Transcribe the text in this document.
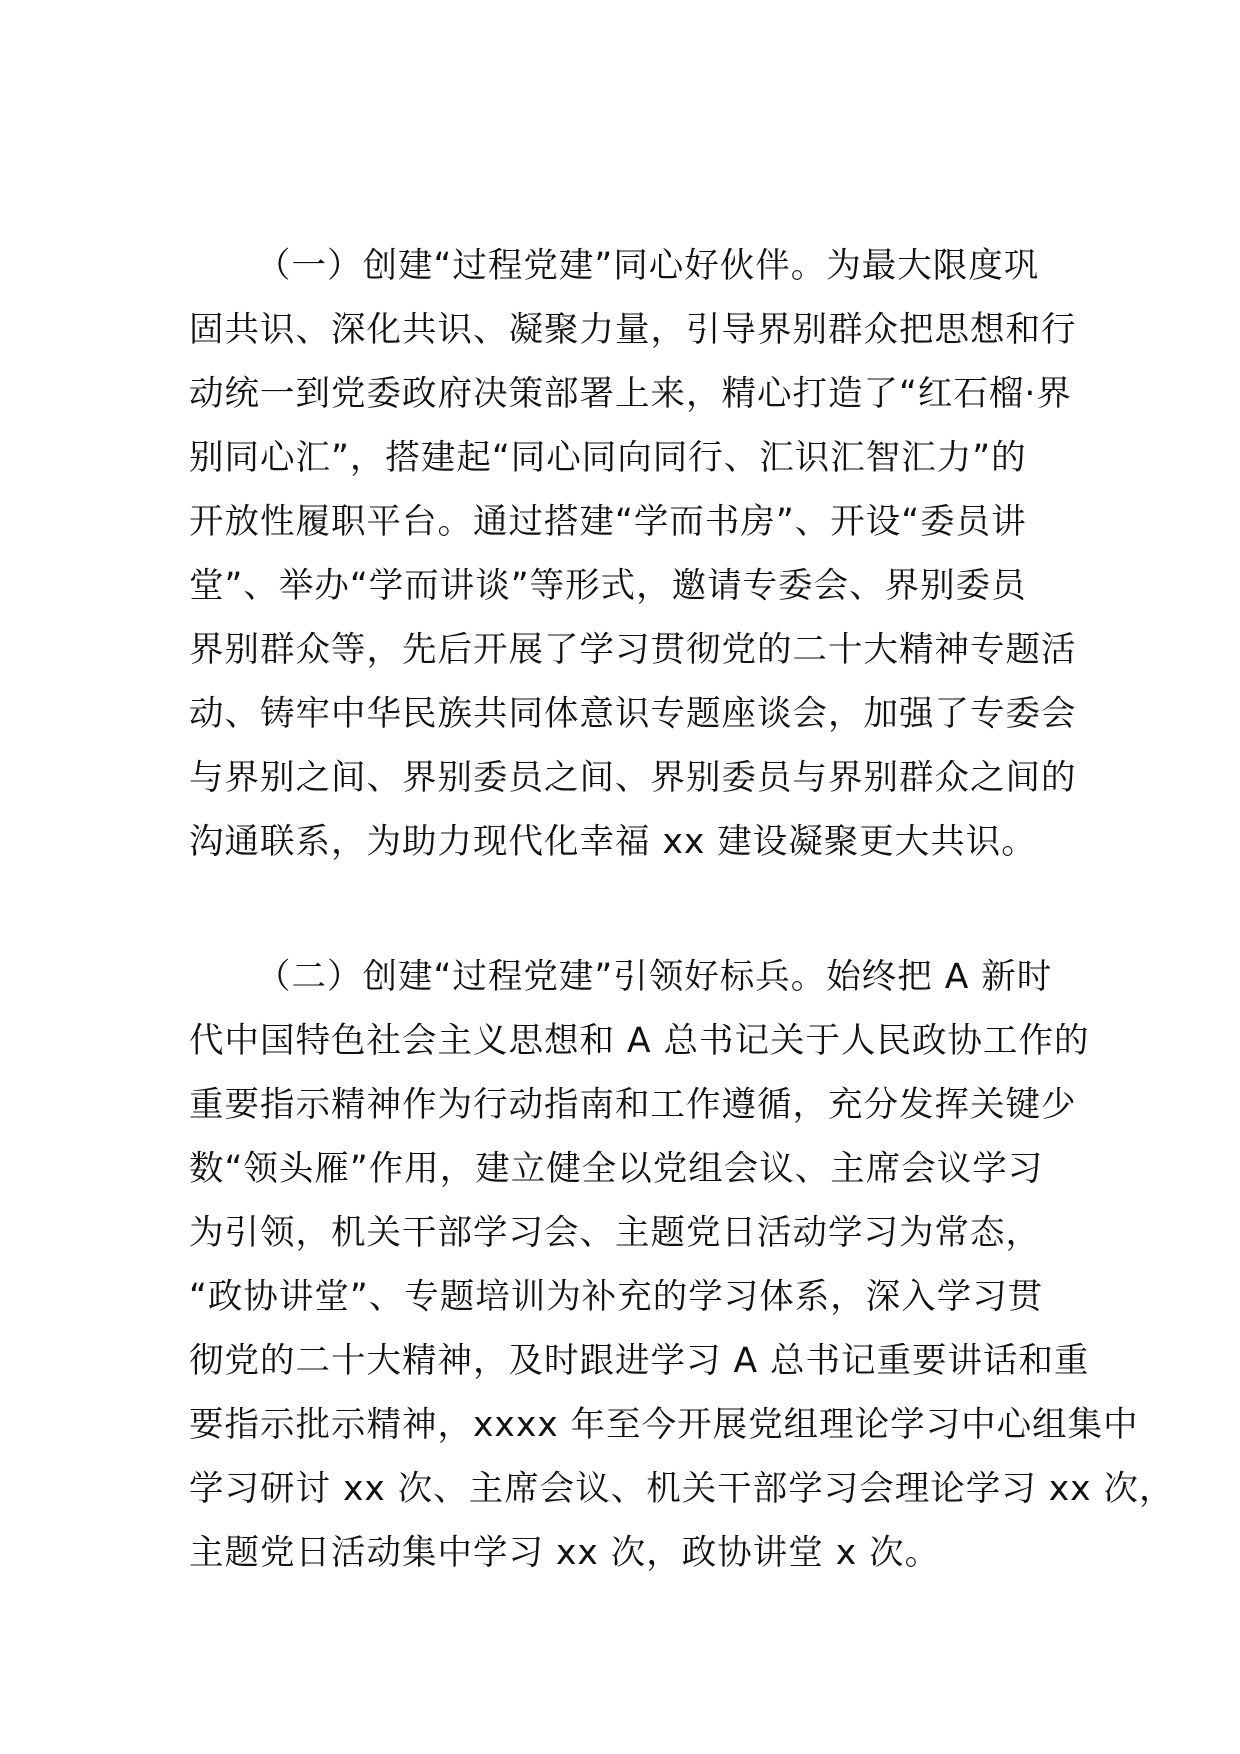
（一）创建“过程党建”同心好伙伴。为最大限度巩
固共识、深化共识、凝聚力量，引导界别群众把思想和行
动统一到党委政府决策部署上来，精心打造了“红石榴·界
别同心汇”，搭建起“同心同向同行、汇识汇智汇力”的
开放性履职平台。通过搭建“学而书房”、开设“委员讲
堂”、举办“学而讲谈”等形式，邀请专委会、界别委员
界别群众等，先后开展了学习贯彻党的二十大精神专题活
动、铸牢中华民族共同体意识专题座谈会，加强了专委会
与界别之间、界别委员之间、界别委员与界别群众之间的
沟通联系，为助力现代化幸福 xx 建设凝聚更大共识。
（二）创建“过程党建”引领好标兵。始终把 A 新时
代中国特色社会主义思想和 A 总书记关于人民政协工作的
重要指示精神作为行动指南和工作遵循，充分发挥关键少
数“领头雁”作用，建立健全以党组会议、主席会议学习
为引领，机关干部学习会、主题党日活动学习为常态，
“政协讲堂”、专题培训为补充的学习体系，深入学习贯
彻党的二十大精神，及时跟进学习 A 总书记重要讲话和重
要指示批示精神，xxxx 年至今开展党组理论学习中心组集中
学习研讨 xx 次、主席会议、机关干部学习会理论学习 xx 次，
主题党日活动集中学习 xx 次，政协讲堂 x 次。
